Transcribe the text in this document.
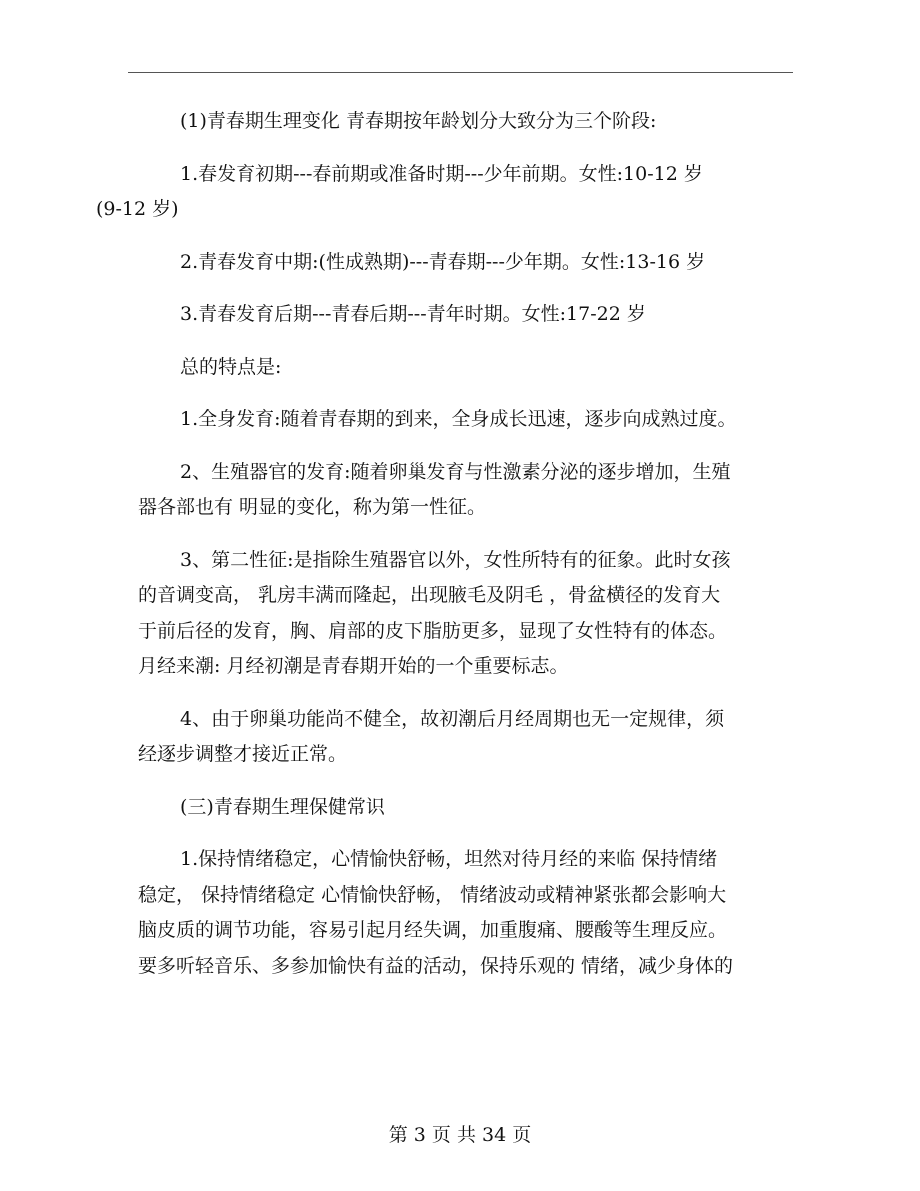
(1)青春期生理变化 青春期按年龄划分大致分为三个阶段:

1.春发育初期---春前期或准备时期---少年前期。女性:10-12 岁
(9-12 岁)

2.青春发育中期:(性成熟期)---青春期---少年期。女性:13-16 岁

3.青春发育后期---青春后期---青年时期。女性:17-22 岁

总的特点是:

1.全身发育:随着青春期的到来，全身成长迅速，逐步向成熟过度。

2、生殖器官的发育:随着卵巢发育与性激素分泌的逐步增加，生殖
器各部也有 明显的变化，称为第一性征。

3、第二性征:是指除生殖器官以外，女性所特有的征象。此时女孩
的音调变高， 乳房丰满而隆起，出现腋毛及阴毛 ，骨盆横径的发育大
于前后径的发育，胸、肩部的皮下脂肪更多，显现了女性特有的体态。
月经来潮: 月经初潮是青春期开始的一个重要标志。

4、由于卵巢功能尚不健全，故初潮后月经周期也无一定规律，须
经逐步调整才接近正常。

(三)青春期生理保健常识

1.保持情绪稳定，心情愉快舒畅，坦然对待月经的来临 保持情绪
稳定， 保持情绪稳定 心情愉快舒畅， 情绪波动或精神紧张都会影响大
脑皮质的调节功能，容易引起月经失调，加重腹痛、腰酸等生理反应。
要多听轻音乐、多参加愉快有益的活动，保持乐观的 情绪，减少身体的

第 3 页 共 34 页
